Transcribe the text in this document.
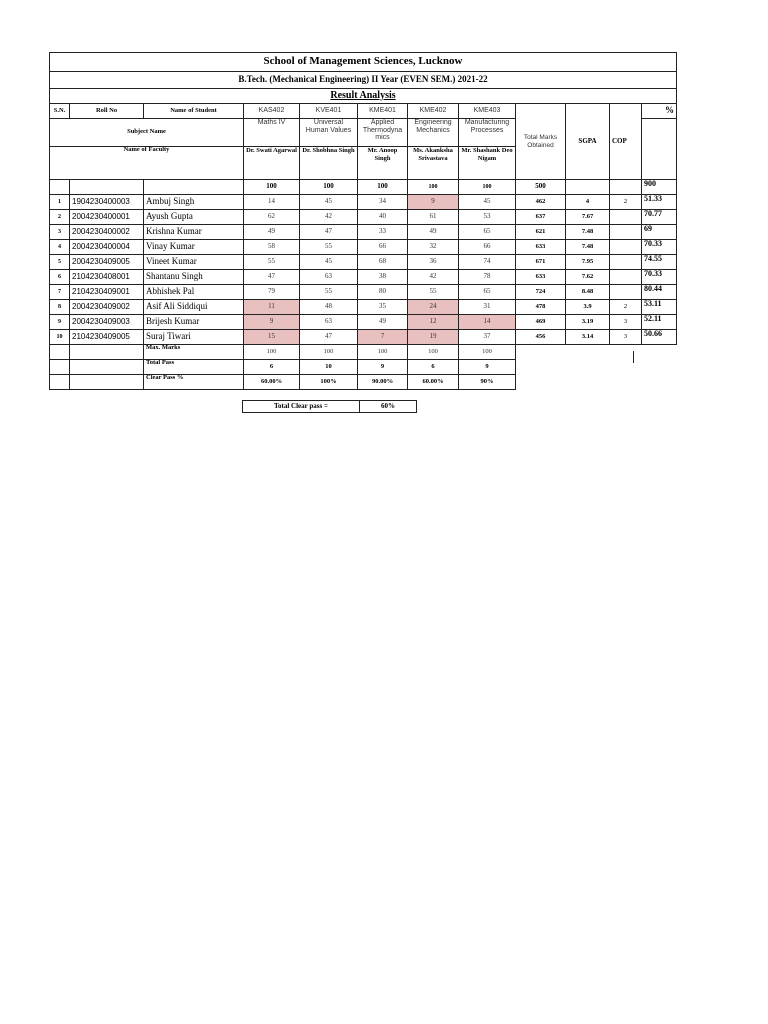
School of Management Sciences, Lucknow											
B.Tech. (Mechanical Engineering) II Year (EVEN SEM.) 2021-22											
Result Analysis											
S.N.	Roll No	Name of Student	KAS402	KVE401	KME401	KME402	KME403	Total Marks Obtained	SGPA	COP	%
Subject Name			Maths IV	Universal Human Values	Applied Thermodyna mics	Engineering Mechanics	Manufacturing Processes				
Name of Faculty			Dr. Swati Agarwal	Dr. Shobhna Singh	Mr. Anoop Singh	Ms. Akanksha Srivastava	Mr. Shashank Deo Nigam				
			100	100	100	100	100	500			900
1	1904230400003	Ambuj Singh	14	45	34	9	45	462	4	2	51.33
2	2004230400001	Ayush Gupta	62	42	40	61	53	637	7.67		70.77
3	2004230400002	Krishna Kumar	49	47	33	49	65	621	7.48		69
4	2004230400004	Vinay Kumar	58	55	66	32	66	633	7.48		70.33
5	2004230409005	Vineet Kumar	55	45	68	36	74	671	7.95		74.55
6	2104230408001	Shantanu Singh	47	63	38	42	78	633	7.62		70.33
7	2104230409001	Abhishek Pal	79	55	80	55	65	724	8.48		80.44
8	2004230409002	Asif Ali Siddiqui	11	48	35	24	31	478	3.9	2	53.11
9	2004230409003	Brijesh Kumar	9	63	49	12	14	469	3.19	3	52.11
10	2104230409005	Suraj Tiwari	15	47	7	19	37	456	3.14	3	50.66
		Max. Marks	100	100	100	100	100				
		Total Pass	6	10	9	6	9				
		Clear Pass %	60.00%	100%	90.00%	60.00%	90%				
Total Clear pass =	60%
